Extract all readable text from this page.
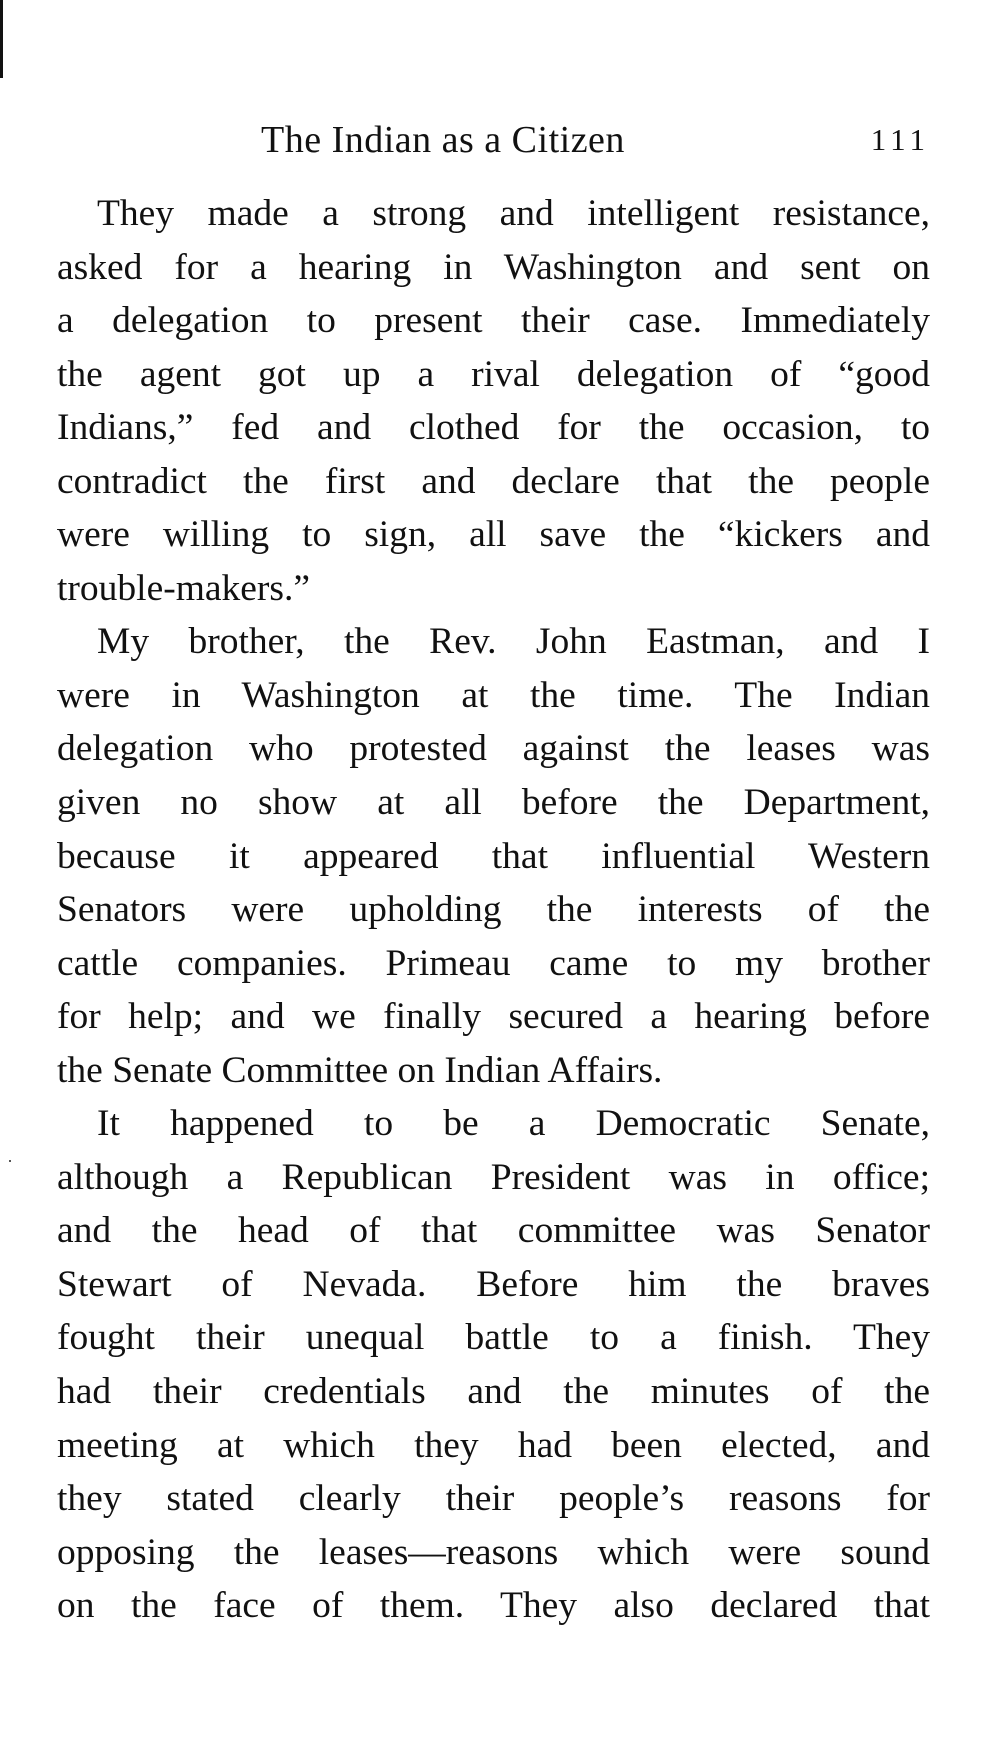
The Indian as a Citizen	111
They made a strong and intelligent resistance,
asked for a hearing in Washington and sent on
a delegation to present their case. Immediately
the agent got up a rival delegation of “good
Indians,” fed and clothed for the occasion, to
contradict the first and declare that the people
were willing to sign, all save the “kickers and
trouble-makers.”
My brother, the Rev. John Eastman, and I
were in Washington at the time. The Indian
delegation who protested against the leases was
given no show at all before the Department,
because it appeared that influential Western
Senators were upholding the interests of the
cattle companies. Primeau came to my brother
for help; and we finally secured a hearing before
the Senate Committee on Indian Affairs.
It happened to be a Democratic Senate,
although a Republican President was in office;
and the head of that committee was Senator
Stewart of Nevada. Before him the braves
fought their unequal battle to a finish. They
had their credentials and the minutes of the
meeting at which they had been elected, and
they stated clearly their people’s reasons for
opposing the leases—reasons which were sound
on the face of them. They also declared that
